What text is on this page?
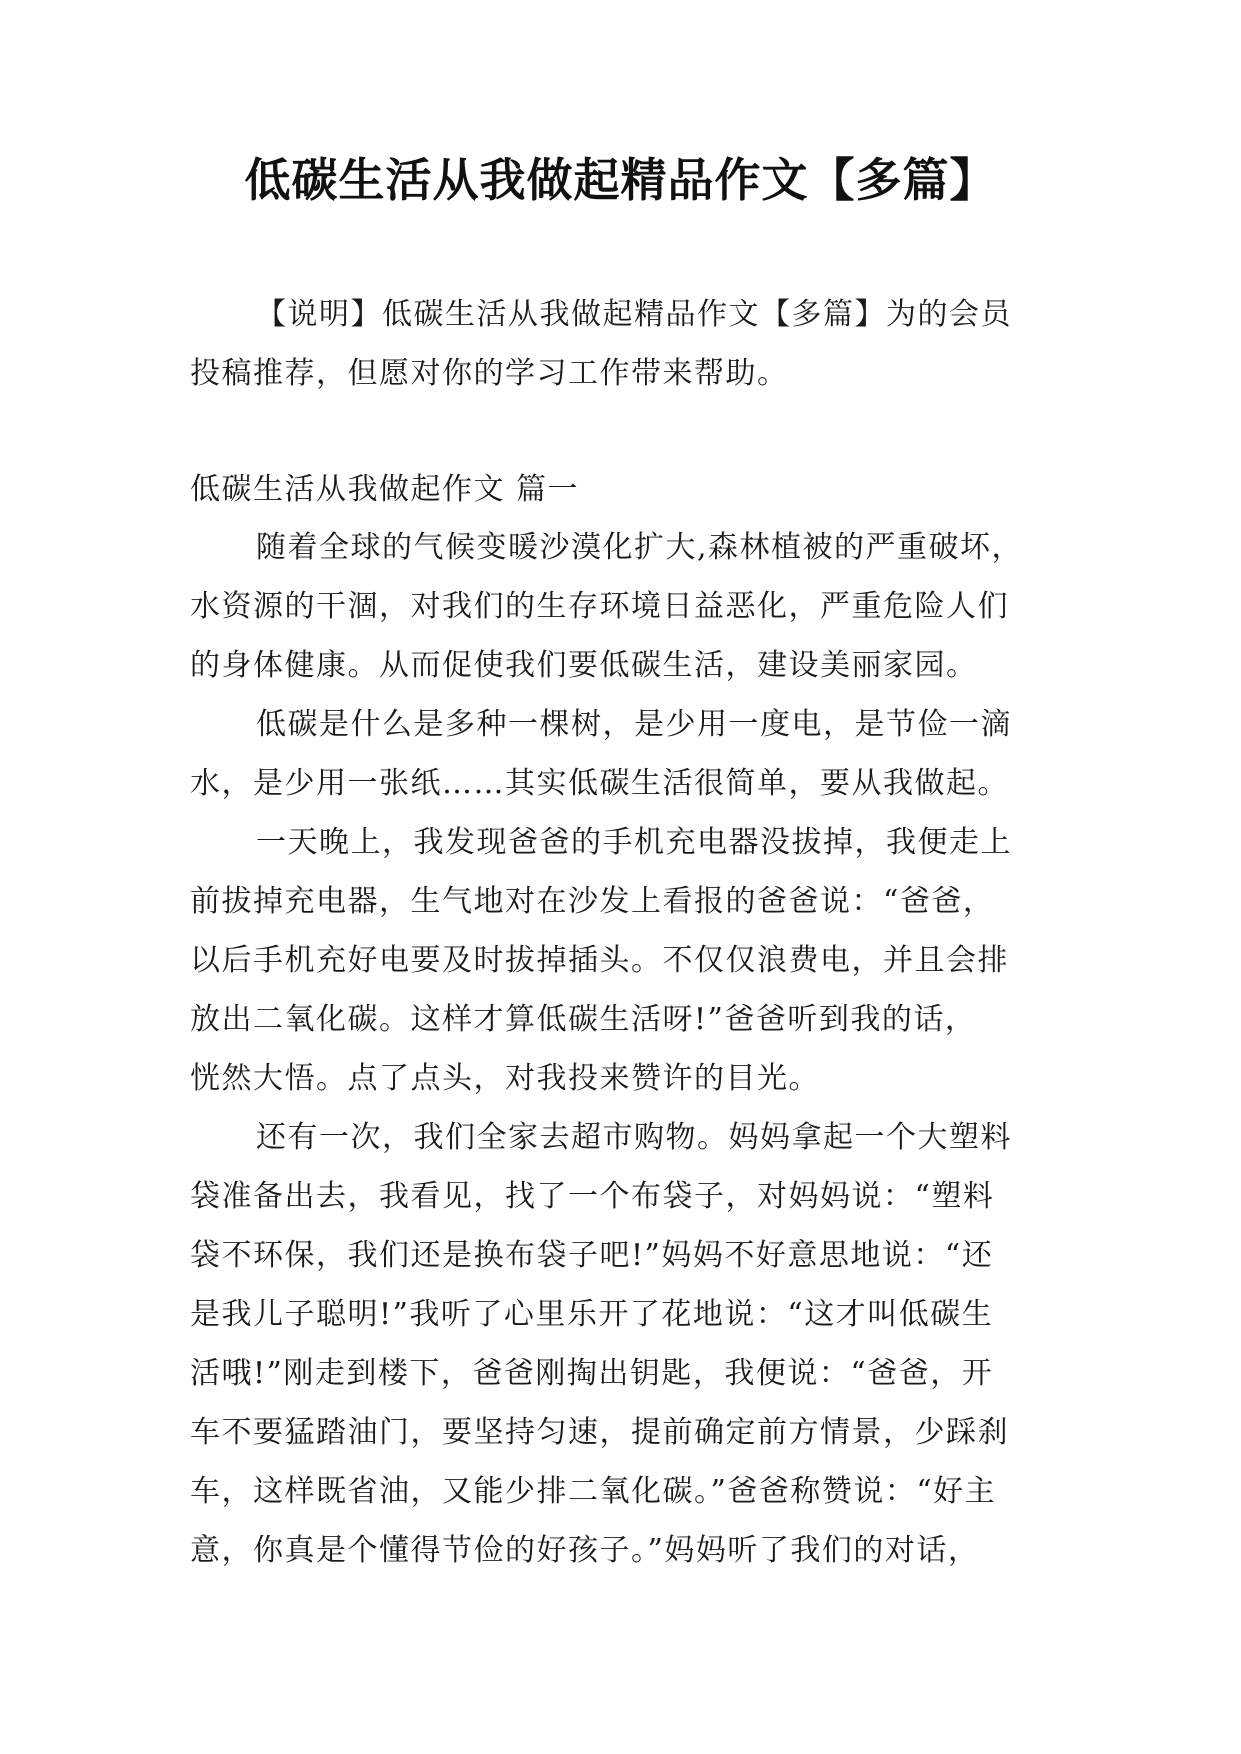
低碳生活从我做起精品作文【多篇】
【说明】低碳生活从我做起精品作文【多篇】为的会员
投稿推荐，但愿对你的学习工作带来帮助。
低碳生活从我做起作文 篇一
随着全球的气候变暖沙漠化扩大,森林植被的严重破坏，
水资源的干涸，对我们的生存环境日益恶化，严重危险人们
的身体健康。从而促使我们要低碳生活，建设美丽家园。
低碳是什么是多种一棵树，是少用一度电，是节俭一滴
水，是少用一张纸……其实低碳生活很简单，要从我做起。
一天晚上，我发现爸爸的手机充电器没拔掉，我便走上
前拔掉充电器，生气地对在沙发上看报的爸爸说：“爸爸，
以后手机充好电要及时拔掉插头。不仅仅浪费电，并且会排
放出二氧化碳。这样才算低碳生活呀!”爸爸听到我的话，
恍然大悟。点了点头，对我投来赞许的目光。
还有一次，我们全家去超市购物。妈妈拿起一个大塑料
袋准备出去，我看见，找了一个布袋子，对妈妈说：“塑料
袋不环保，我们还是换布袋子吧!”妈妈不好意思地说：“还
是我儿子聪明!”我听了心里乐开了花地说：“这才叫低碳生
活哦!”刚走到楼下，爸爸刚掏出钥匙，我便说：“爸爸，开
车不要猛踏油门，要坚持匀速，提前确定前方情景，少踩刹
车，这样既省油，又能少排二氧化碳。”爸爸称赞说：“好主
意，你真是个懂得节俭的好孩子。”妈妈听了我们的对话，
